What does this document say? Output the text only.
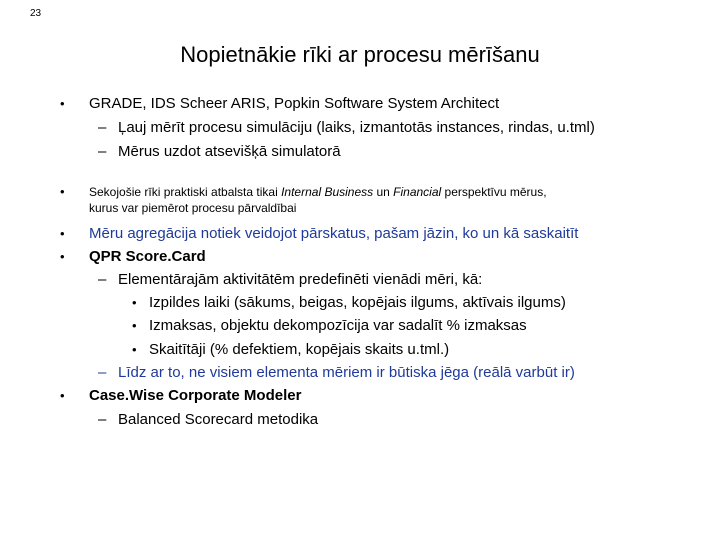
23
Nopietnākie rīki ar procesu mērīšanu
• GRADE, IDS Scheer ARIS, Popkin Software System Architect
– Ļauj mērīt procesu simulāciju (laiks, izmantotās instances, rindas, u.tml)
– Mērus uzdot atsevišķā simulatorā
• Sekojošie rīki praktiski atbalsta tikai Internal Business un Financial perspektīvu mērus,
kurus var piemērot procesu pārvaldībai
• Mēru agregācija notiek veidojot pārskatus, pašam jāzin, ko un kā saskaitīt
• QPR Score.Card
– Elementārajām aktivitātēm predefinēti vienādi mēri, kā:
• Izpildes laiki (sākums, beigas, kopējais ilgums, aktīvais ilgums)
• Izmaksas, objektu dekompozīcija var sadalīt % izmaksas
• Skaitītāji (% defektiem, kopējais skaits u.tml.)
– Līdz ar to, ne visiem elementa mēriem ir būtiska jēga (reālā varbūt ir)
• Case.Wise Corporate Modeler
– Balanced Scorecard metodika
